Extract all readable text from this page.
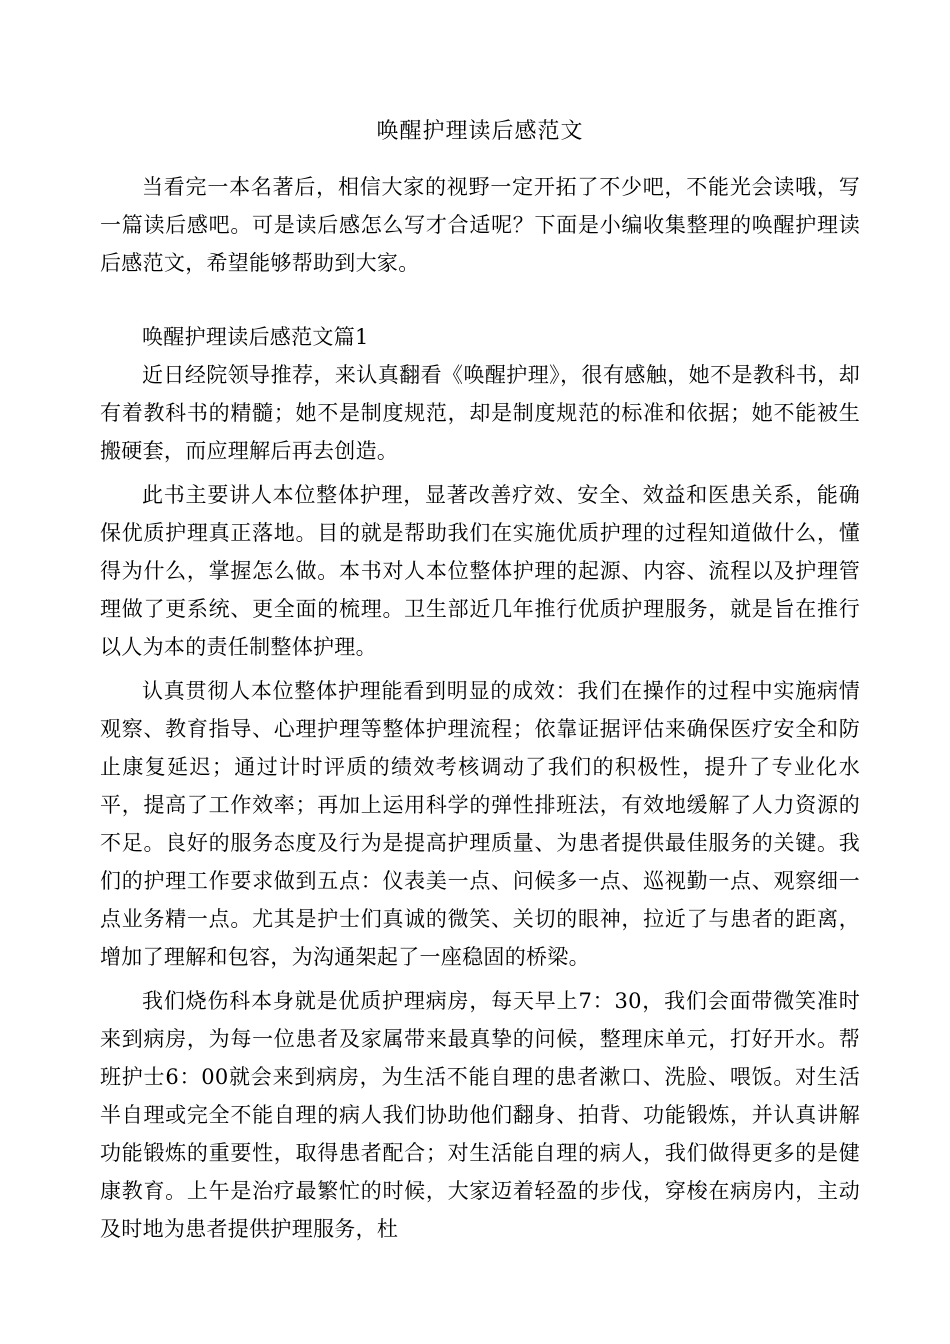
唤醒护理读后感范文

当看完一本名著后，相信大家的视野一定开拓了不少吧，不能光会读哦，写一篇读后感吧。可是读后感怎么写才合适呢？下面是小编收集整理的唤醒护理读后感范文，希望能够帮助到大家。

唤醒护理读后感范文篇1

近日经院领导推荐，来认真翻看《唤醒护理》，很有感触，她不是教科书，却有着教科书的精髓；她不是制度规范，却是制度规范的标准和依据；她不能被生搬硬套，而应理解后再去创造。

此书主要讲人本位整体护理，显著改善疗效、安全、效益和医患关系，能确保优质护理真正落地。目的就是帮助我们在实施优质护理的过程知道做什么，懂得为什么，掌握怎么做。本书对人本位整体护理的起源、内容、流程以及护理管理做了更系统、更全面的梳理。卫生部近几年推行优质护理服务，就是旨在推行以人为本的责任制整体护理。

认真贯彻人本位整体护理能看到明显的成效：我们在操作的过程中实施病情观察、教育指导、心理护理等整体护理流程；依靠证据评估来确保医疗安全和防止康复延迟；通过计时评质的绩效考核调动了我们的积极性，提升了专业化水平，提高了工作效率；再加上运用科学的弹性排班法，有效地缓解了人力资源的不足。良好的服务态度及行为是提高护理质量、为患者提供最佳服务的关键。我们的护理工作要求做到五点：仪表美一点、问候多一点、巡视勤一点、观察细一点业务精一点。尤其是护士们真诚的微笑、关切的眼神，拉近了与患者的距离，增加了理解和包容，为沟通架起了一座稳固的桥梁。

我们烧伤科本身就是优质护理病房，每天早上7：30，我们会面带微笑准时来到病房，为每一位患者及家属带来最真挚的问候，整理床单元，打好开水。帮班护士6：00就会来到病房，为生活不能自理的患者漱口、洗脸、喂饭。对生活半自理或完全不能自理的病人我们协助他们翻身、拍背、功能锻炼，并认真讲解功能锻炼的重要性，取得患者配合；对生活能自理的病人，我们做得更多的是健康教育。上午是治疗最繁忙的时候，大家迈着轻盈的步伐，穿梭在病房内，主动及时地为患者提供护理服务，杜
